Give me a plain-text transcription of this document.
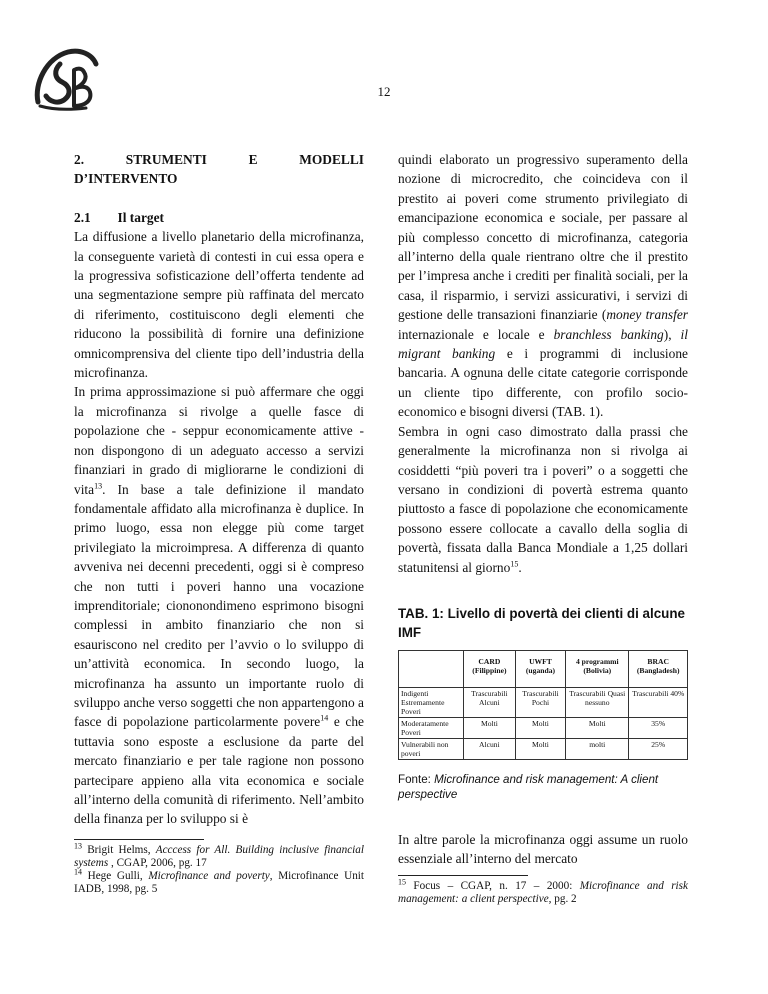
12
2.	STRUMENTI	E	MODELLI
D’INTERVENTO
2.1        Il target

La diffusione a livello planetario della microfinanza, la conseguente varietà di contesti in cui essa opera e la progressiva sofisticazione dell’offerta tendente ad una segmentazione sempre più raffinata del mercato di riferimento, costituiscono degli elementi che riducono la possibilità di fornire una definizione omnicomprensiva del cliente tipo dell’industria della microfinanza.

In prima approssimazione si può affermare che oggi la microfinanza si rivolge a quelle fasce di popolazione che - seppur economicamente attive - non dispongono di un adeguato accesso a servizi finanziari in grado di migliorarne le condizioni di vita$^{13}$. In base a tale definizione il mandato fondamentale affidato alla microfinanza è duplice. In primo luogo, essa non elegge più come target privilegiato la microimpresa. A differenza di quanto avveniva nei decenni precedenti, oggi si è compreso che non tutti i poveri hanno una vocazione imprenditoriale; ciononondimeno esprimono bisogni complessi in ambito finanziario che non si esauriscono nel credito per l’avvio o lo sviluppo di un’attività economica. In secondo luogo, la microfinanza ha assunto un importante ruolo di sviluppo anche verso soggetti che non appartengono a fasce di popolazione particolarmente povere$^{14}$ e che tuttavia sono esposte a esclusione da parte del mercato finanziario e per tale ragione non possono partecipare appieno alla vita economica e sociale all’interno della comunità di riferimento. Nell’ambito della finanza per lo sviluppo si è

$^{13}$ Brigit Helms, Acccess for All. Building inclusive financial systems , CGAP, 2006, pg. 17

$^{14}$ Hege Gulli, Microfinance and poverty, Microfinance Unit IADB, 1998, pg. 5

quindi elaborato un progressivo superamento della nozione di microcredito, che coincideva con il prestito ai poveri come strumento privilegiato di emancipazione economica e sociale, per passare al più complesso concetto di microfinanza, categoria all’interno della quale rientrano oltre che il prestito per l’impresa anche i crediti per finalità sociali, per la casa, il risparmio, i servizi assicurativi, i servizi di gestione delle transazioni finanziarie (money transfer internazionale e locale e branchless banking), il migrant banking e i programmi di inclusione bancaria. A ognuna delle citate categorie corrisponde un cliente tipo differente, con profilo socio-economico e bisogni diversi (TAB. 1).

Sembra in ogni caso dimostrato dalla prassi che generalmente la microfinanza non si rivolga ai cosiddetti “più poveri tra i poveri” o a soggetti che versano in condizioni di povertà estrema quanto piuttosto a fasce di popolazione che economicamente possono essere collocate a cavallo della soglia di povertà, fissata dalla Banca Mondiale a 1,25 dollari statunitensi al giorno$^{15}$.

TAB. 1: Livello di povertà dei clienti di alcune IMF
	CARD (Filippine)	UWFT (uganda)	4 programmi (Bolivia)	BRAC (Bangladesh)
Indigenti Estremamente Poveri	Trascurabili Alcuni	Trascurabili Pochi	Trascurabili Quasi nessuno	Trascurabili 40%
Moderatamente Poveri	Molti	Molti	Molti	35%
Vulnerabili non poveri	Alcuni	Molti	molti	25%
Fonte: Microfinance and risk management: A client perspective

In altre parole la microfinanza oggi assume un ruolo essenziale all’interno del mercato

$^{15}$ Focus – CGAP, n. 17 – 2000: Microfinance and risk management: a client perspective, pg. 2
